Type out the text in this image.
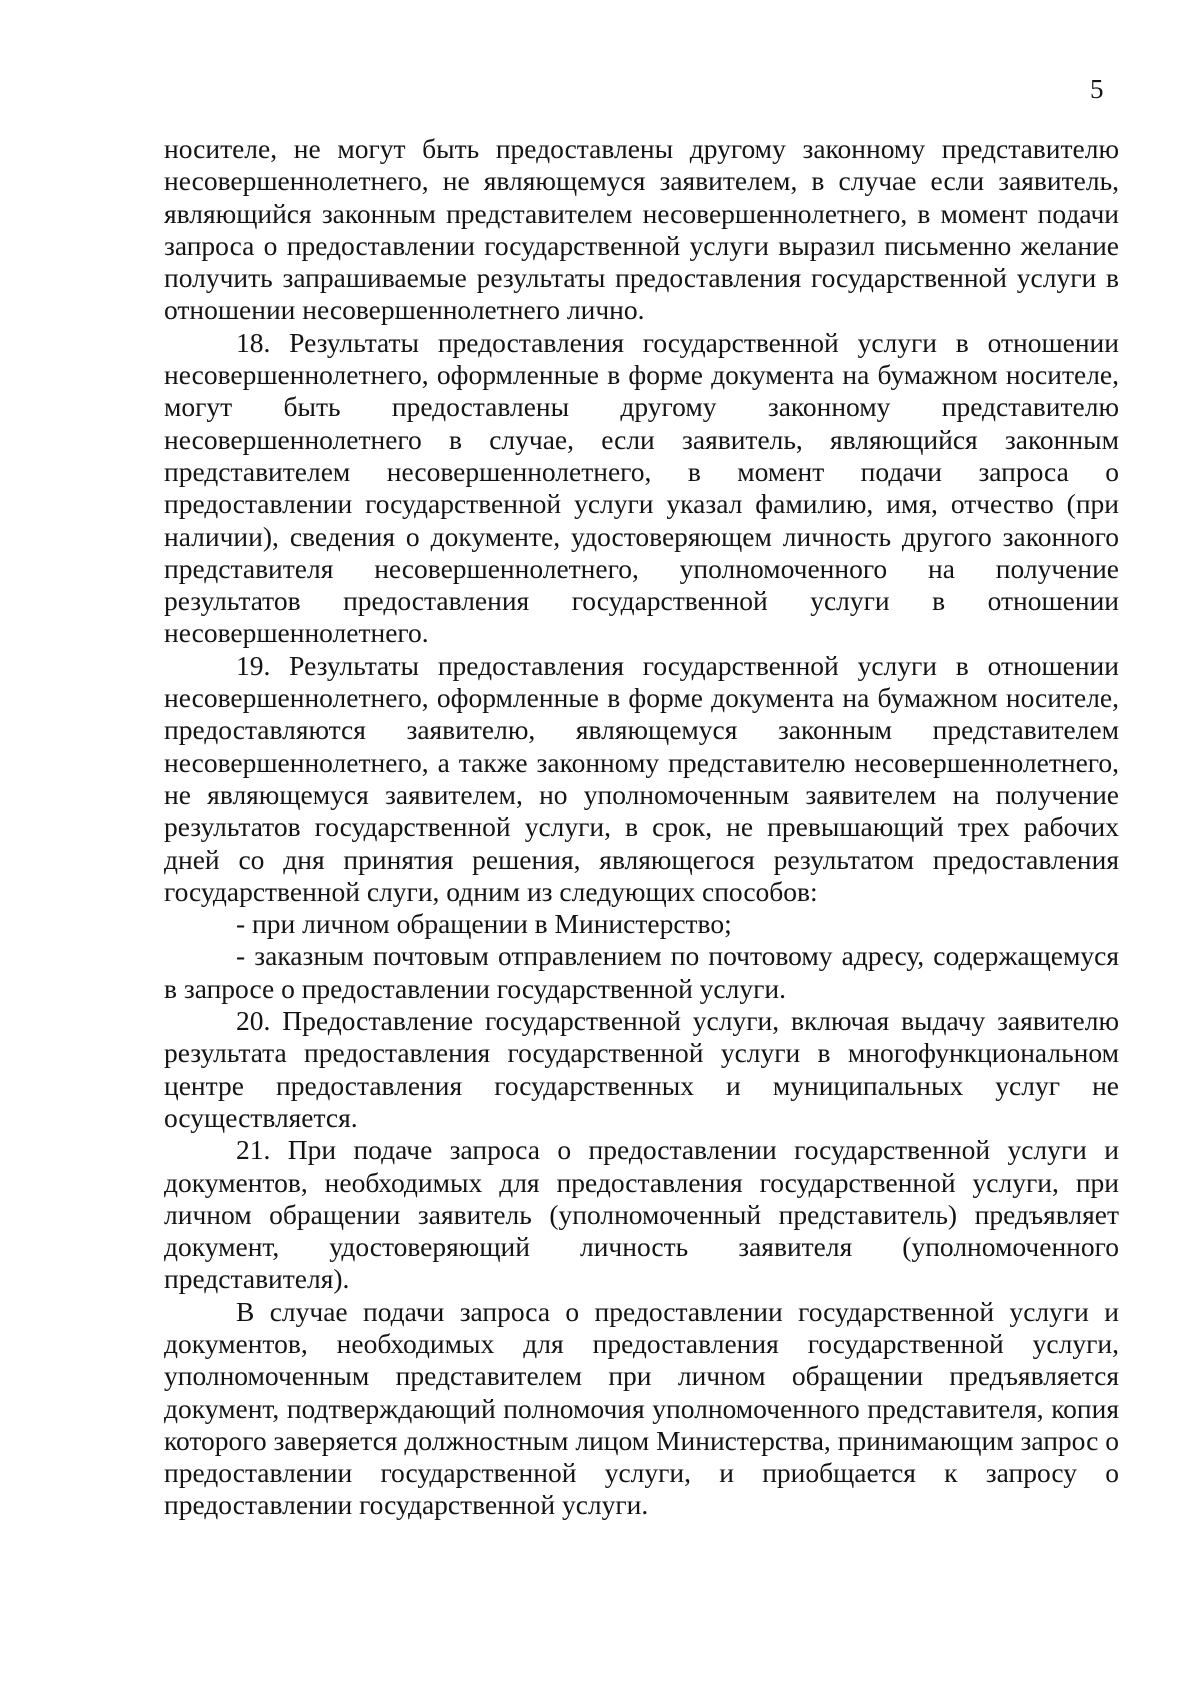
5

носителе, не могут быть предоставлены другому законному представителю несовершеннолетнего, не являющемуся заявителем, в случае если заявитель, являющийся законным представителем несовершеннолетнего, в момент подачи запроса о предоставлении государственной услуги выразил письменно желание получить запрашиваемые результаты предоставления государственной услуги в отношении несовершеннолетнего лично.

18. Результаты предоставления государственной услуги в отношении несовершеннолетнего, оформленные в форме документа на бумажном носителе, могут быть предоставлены другому законному представителю несовершеннолетнего в случае, если заявитель, являющийся законным представителем несовершеннолетнего, в момент подачи запроса о предоставлении государственной услуги указал фамилию, имя, отчество (при наличии), сведения о документе, удостоверяющем личность другого законного представителя несовершеннолетнего, уполномоченного на получение результатов предоставления государственной услуги в отношении несовершеннолетнего.

19. Результаты предоставления государственной услуги в отношении несовершеннолетнего, оформленные в форме документа на бумажном носителе, предоставляются заявителю, являющемуся законным представителем несовершеннолетнего, а также законному представителю несовершеннолетнего, не являющемуся заявителем, но уполномоченным заявителем на получение результатов государственной услуги, в срок, не превышающий трех рабочих дней со дня принятия решения, являющегося результатом предоставления государственной слуги, одним из следующих способов:

- при личном обращении в Министерство;

- заказным почтовым отправлением по почтовому адресу, содержащемуся в запросе о предоставлении государственной услуги.

20. Предоставление государственной услуги, включая выдачу заявителю результата предоставления государственной услуги в многофункциональном центре предоставления государственных и муниципальных услуг не осуществляется.

21. При подаче запроса о предоставлении государственной услуги и документов, необходимых для предоставления государственной услуги, при личном обращении заявитель (уполномоченный представитель) предъявляет документ, удостоверяющий личность заявителя (уполномоченного представителя).

В случае подачи запроса о предоставлении государственной услуги и документов, необходимых для предоставления государственной услуги, уполномоченным представителем при личном обращении предъявляется документ, подтверждающий полномочия уполномоченного представителя, копия которого заверяется должностным лицом Министерства, принимающим запрос о предоставлении государственной услуги, и приобщается к запросу о предоставлении государственной услуги.
